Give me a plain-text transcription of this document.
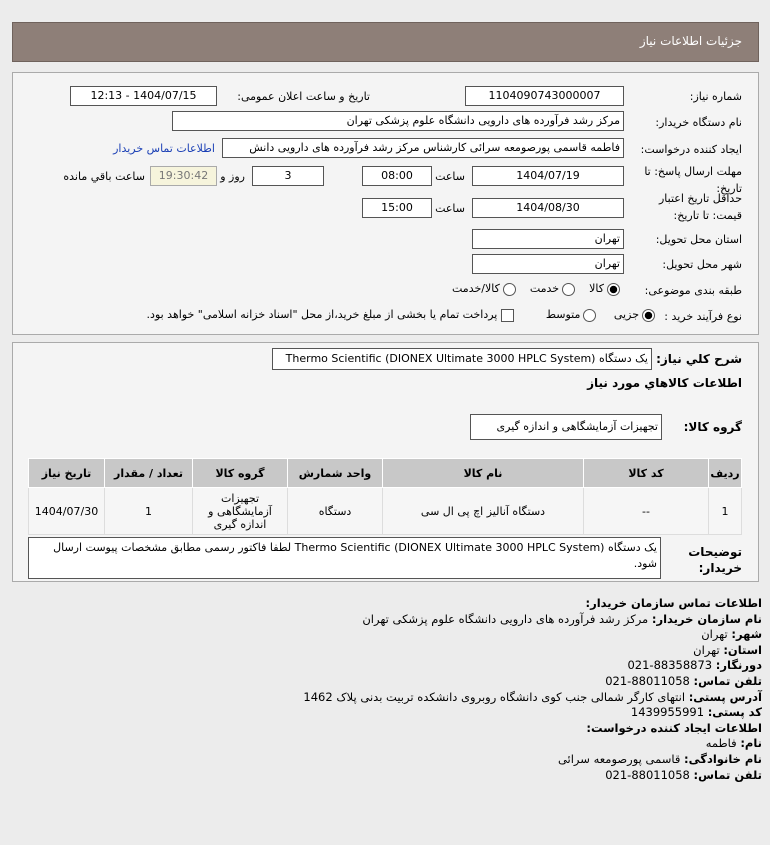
جزئیات اطلاعات نیاز
شماره نیاز:
1104090743000007
تاریخ و ساعت اعلان عمومی:
1404/07/15 - 12:13
نام دستگاه خریدار:
مرکز رشد فرآورده های دارویی دانشگاه علوم پزشکی تهران
ایجاد کننده درخواست:
فاطمه قاسمی پورصومعه سرائی کارشناس مرکز رشد فرآورده های دارویی دانش
اطلاعات تماس خریدار
مهلت ارسال پاسخ: تا تاریخ:
1404/07/19
ساعت
08:00
3
روز و
19:30:42
ساعت باقي مانده
حداقل تاریخ اعتبار قیمت: تا تاریخ:
1404/08/30
ساعت
15:00
استان محل تحویل:
تهران
شهر محل تحویل:
تهران
طبقه بندی موضوعی:
کالا    خدمت    کالا/خدمت
نوع فرآیند خرید :
جزیی     متوسط         پرداخت تمام یا بخشی از مبلغ خرید،از محل "اسناد خزانه اسلامی" خواهد بود.
شرح کلي نياز:
یک دستگاه Thermo Scientific (DIONEX Ultimate 3000 HPLC System)
اطلاعات کالاهاي مورد نياز
گروه کالا:
تجهیزات آزمایشگاهی و اندازه گیری
ردیف	کد کالا	نام کالا	واحد شمارش	گروه کالا	تعداد / مقدار	تاریخ نیاز
1	--	دستگاه آنالیز اچ پی ال سی	دستگاه	تجهیزات آزمایشگاهی و اندازه گیری	1	1404/07/30
توضیحات خریدار:
یک دستگاه Thermo Scientific (DIONEX Ultimate 3000 HPLC System) لطفا فاکتور رسمی مطابق مشخصات پیوست ارسال شود.
اطلاعات تماس سازمان خریدار:
نام سازمان خریدار: مرکز رشد فرآورده های دارویی دانشگاه علوم پزشکی تهران
شهر: تهران
استان: تهران
دورنگار: 88358873-021
تلفن تماس: 88011058-021
آدرس پستی: انتهای کارگر شمالی جنب کوی دانشگاه روبروی دانشکده تربیت بدنی پلاک 1462
کد پستی: 1439955991
اطلاعات ایجاد کننده درخواست:
نام: فاطمه
نام خانوادگی: قاسمی پورصومعه سرائی
تلفن تماس: 88011058-021
